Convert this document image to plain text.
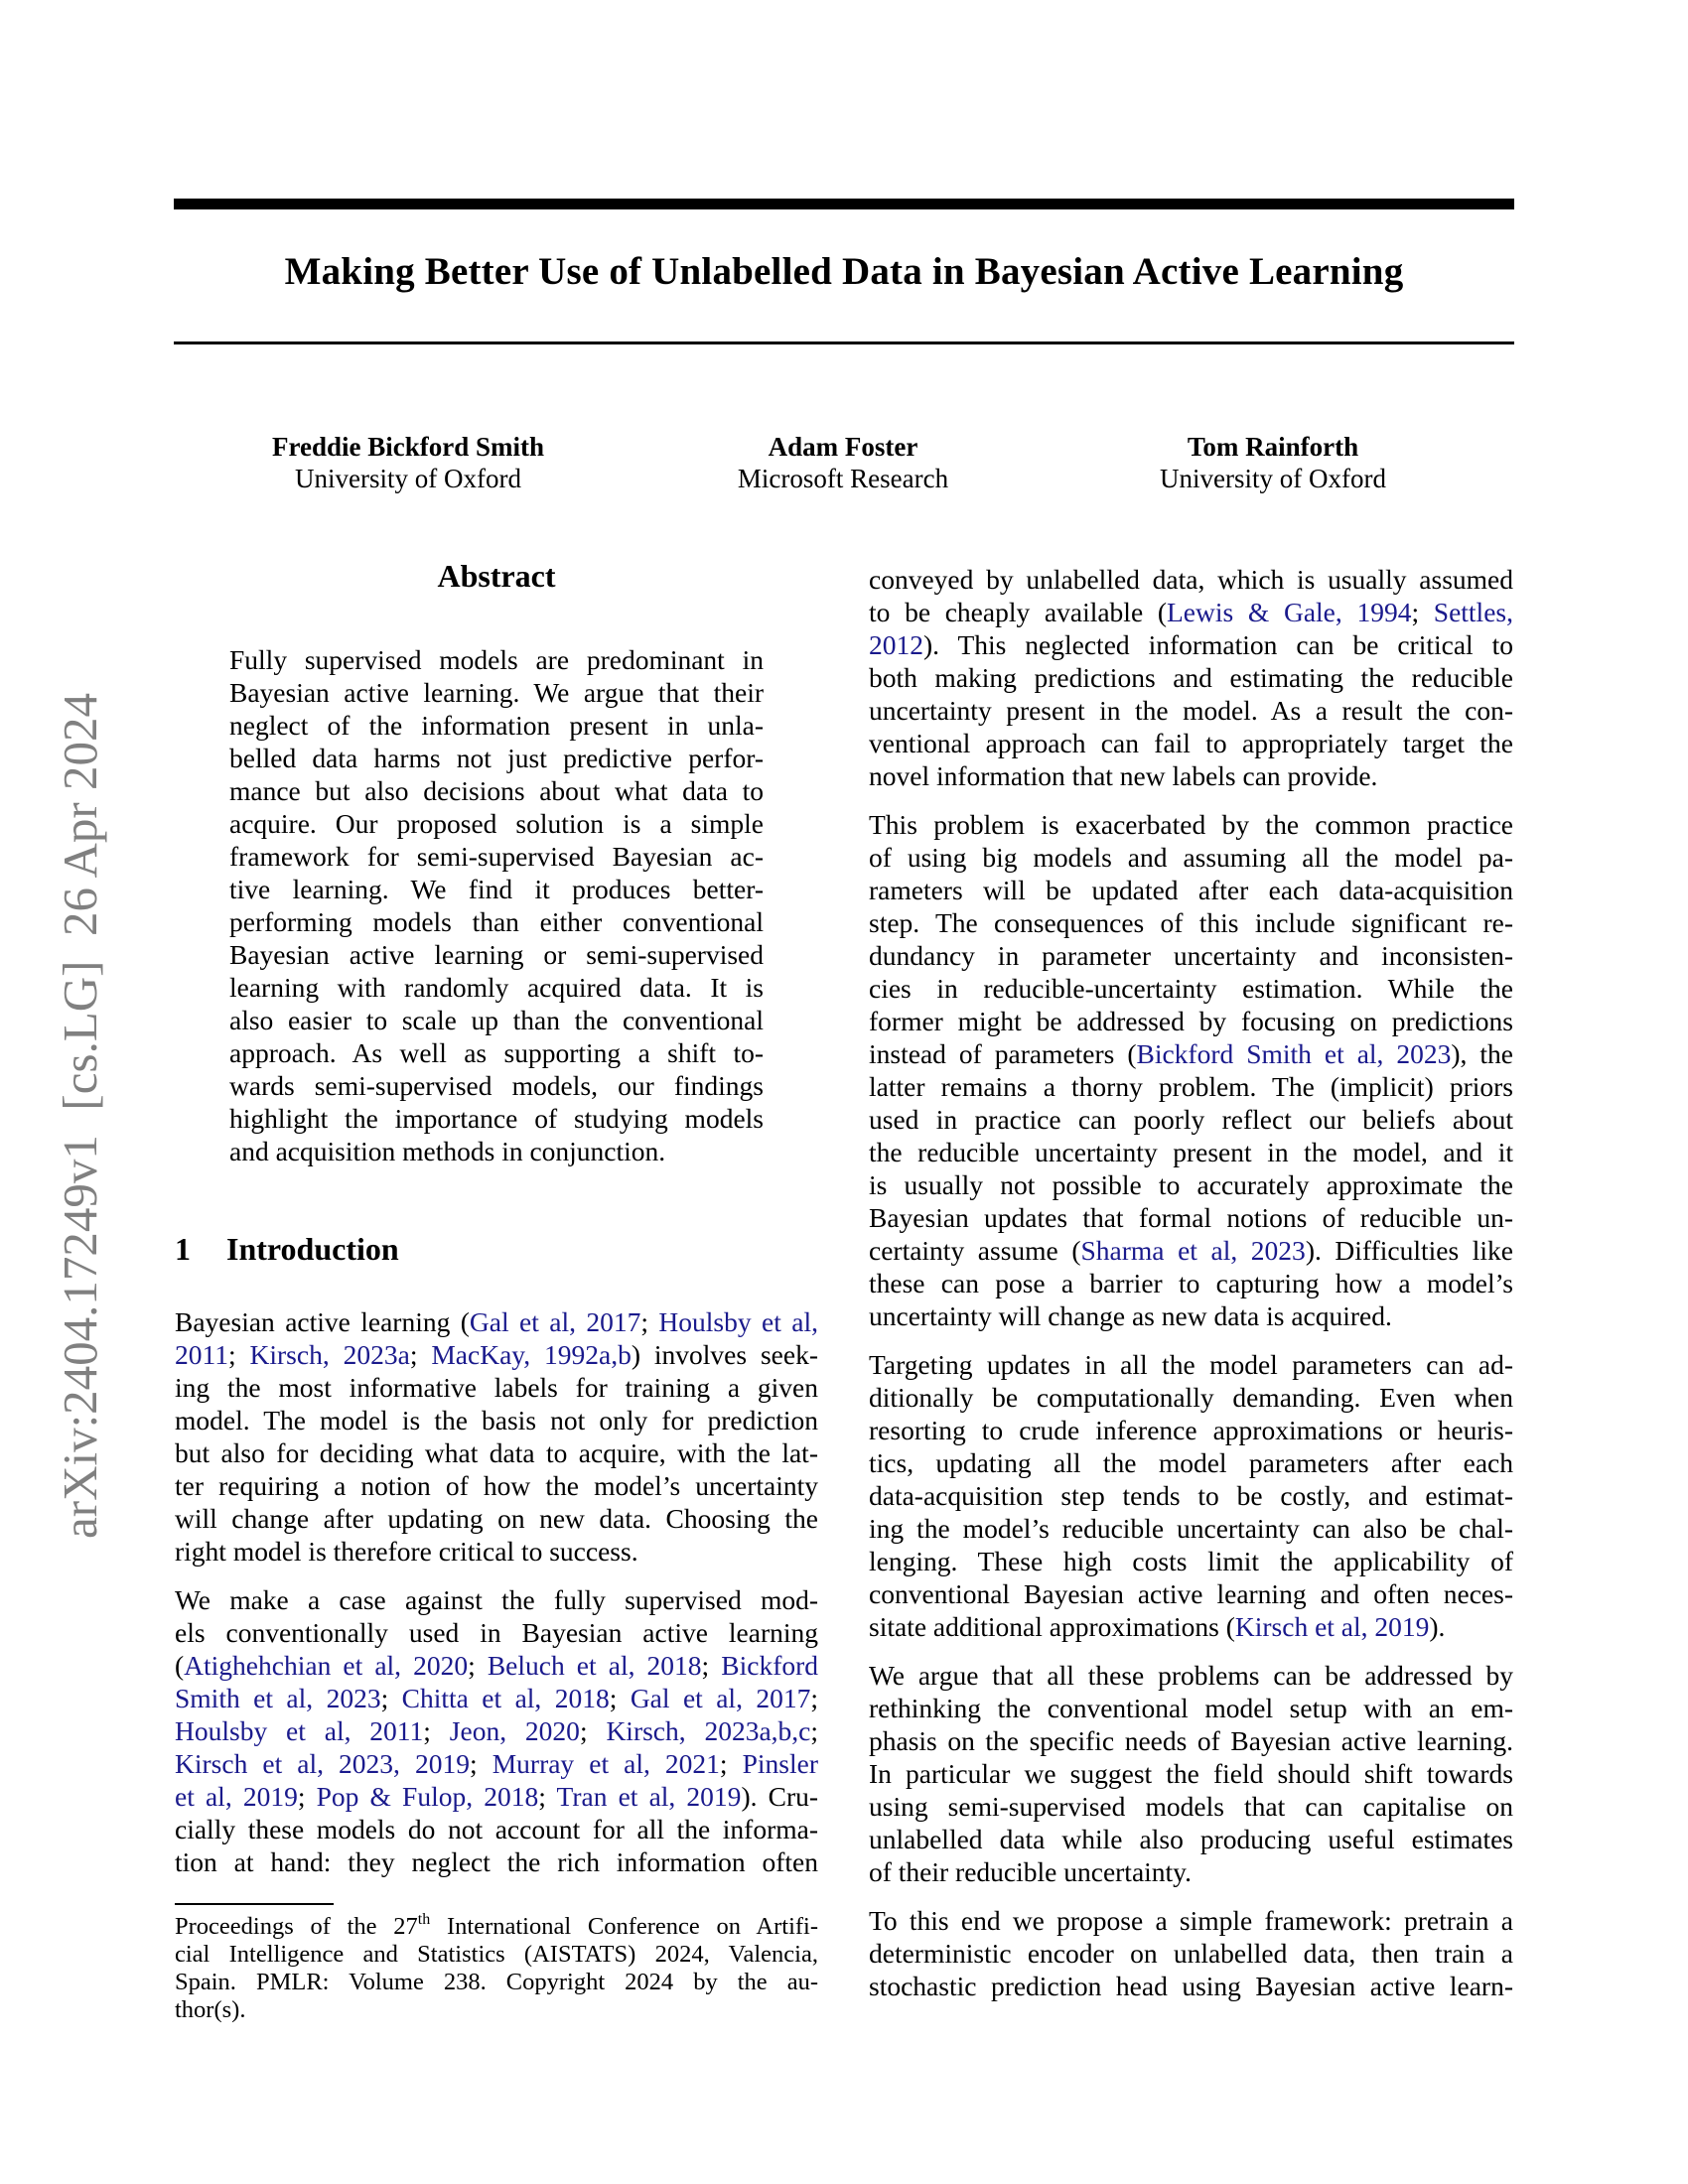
Making Better Use of Unlabelled Data in Bayesian Active Learning
Freddie Bickford Smith
University of Oxford
Adam Foster
Microsoft Research
Tom Rainforth
University of Oxford
arXiv:2404.17249v1  [cs.LG]  26 Apr 2024
Abstract
Fully supervised models are predominant in
Bayesian active learning. We argue that their
neglect of the information present in unla-
belled data harms not just predictive perfor-
mance but also decisions about what data to
acquire. Our proposed solution is a simple
framework for semi-supervised Bayesian ac-
tive learning. We find it produces better-
performing models than either conventional
Bayesian active learning or semi-supervised
learning with randomly acquired data. It is
also easier to scale up than the conventional
approach. As well as supporting a shift to-
wards semi-supervised models, our findings
highlight the importance of studying models
and acquisition methods in conjunction.
1 Introduction
Bayesian active learning (Gal et al, 2017; Houlsby et al,
2011; Kirsch, 2023a; MacKay, 1992a,b) involves seek-
ing the most informative labels for training a given
model. The model is the basis not only for prediction
but also for deciding what data to acquire, with the lat-
ter requiring a notion of how the model’s uncertainty
will change after updating on new data. Choosing the
right model is therefore critical to success.
We make a case against the fully supervised mod-
els conventionally used in Bayesian active learning
(Atighehchian et al, 2020; Beluch et al, 2018; Bickford
Smith et al, 2023; Chitta et al, 2018; Gal et al, 2017;
Houlsby et al, 2011; Jeon, 2020; Kirsch, 2023a,b,c;
Kirsch et al, 2023, 2019; Murray et al, 2021; Pinsler
et al, 2019; Pop & Fulop, 2018; Tran et al, 2019). Cru-
cially these models do not account for all the informa-
tion at hand: they neglect the rich information often
Proceedings of the 27th International Conference on Artifi-
cial Intelligence and Statistics (AISTATS) 2024, Valencia,
Spain. PMLR: Volume 238. Copyright 2024 by the au-
thor(s).
conveyed by unlabelled data, which is usually assumed
to be cheaply available (Lewis & Gale, 1994; Settles,
2012). This neglected information can be critical to
both making predictions and estimating the reducible
uncertainty present in the model. As a result the con-
ventional approach can fail to appropriately target the
novel information that new labels can provide.
This problem is exacerbated by the common practice
of using big models and assuming all the model pa-
rameters will be updated after each data-acquisition
step. The consequences of this include significant re-
dundancy in parameter uncertainty and inconsisten-
cies in reducible-uncertainty estimation. While the
former might be addressed by focusing on predictions
instead of parameters (Bickford Smith et al, 2023), the
latter remains a thorny problem. The (implicit) priors
used in practice can poorly reflect our beliefs about
the reducible uncertainty present in the model, and it
is usually not possible to accurately approximate the
Bayesian updates that formal notions of reducible un-
certainty assume (Sharma et al, 2023). Difficulties like
these can pose a barrier to capturing how a model’s
uncertainty will change as new data is acquired.
Targeting updates in all the model parameters can ad-
ditionally be computationally demanding. Even when
resorting to crude inference approximations or heuris-
tics, updating all the model parameters after each
data-acquisition step tends to be costly, and estimat-
ing the model’s reducible uncertainty can also be chal-
lenging. These high costs limit the applicability of
conventional Bayesian active learning and often neces-
sitate additional approximations (Kirsch et al, 2019).
We argue that all these problems can be addressed by
rethinking the conventional model setup with an em-
phasis on the specific needs of Bayesian active learning.
In particular we suggest the field should shift towards
using semi-supervised models that can capitalise on
unlabelled data while also producing useful estimates
of their reducible uncertainty.
To this end we propose a simple framework: pretrain a
deterministic encoder on unlabelled data, then train a
stochastic prediction head using Bayesian active learn-
